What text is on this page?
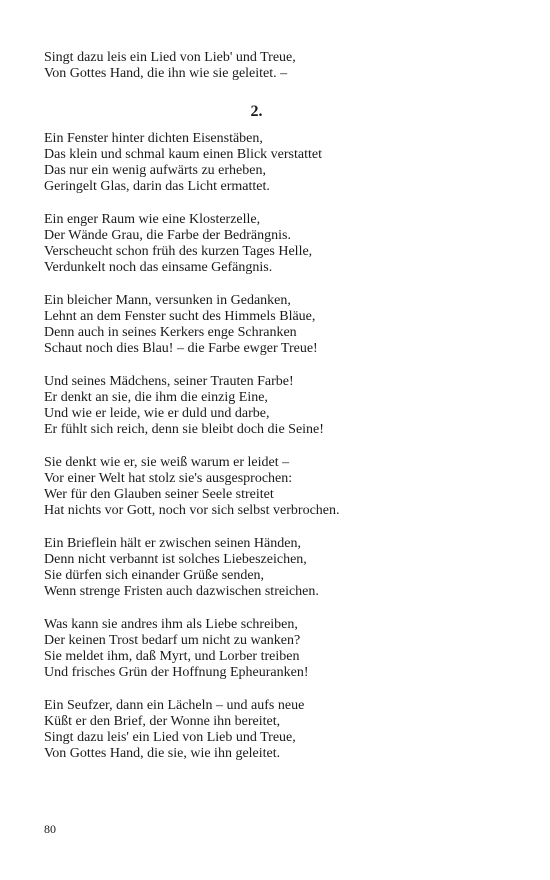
Singt dazu leis ein Lied von Lieb' und Treue,
Von Gottes Hand, die ihn wie sie geleitet. –
2.
Ein Fenster hinter dichten Eisenstäben,
Das klein und schmal kaum einen Blick verstattet
Das nur ein wenig aufwärts zu erheben,
Geringelt Glas, darin das Licht ermattet.
Ein enger Raum wie eine Klosterzelle,
Der Wände Grau, die Farbe der Bedrängnis.
Verscheucht schon früh des kurzen Tages Helle,
Verdunkelt noch das einsame Gefängnis.
Ein bleicher Mann, versunken in Gedanken,
Lehnt an dem Fenster sucht des Himmels Bläue,
Denn auch in seines Kerkers enge Schranken
Schaut noch dies Blau! – die Farbe ewger Treue!
Und seines Mädchens, seiner Trauten Farbe!
Er denkt an sie, die ihm die einzig Eine,
Und wie er leide, wie er duld und darbe,
Er fühlt sich reich, denn sie bleibt doch die Seine!
Sie denkt wie er, sie weiß warum er leidet –
Vor einer Welt hat stolz sie's ausgesprochen:
Wer für den Glauben seiner Seele streitet
Hat nichts vor Gott, noch vor sich selbst verbrochen.
Ein Brieflein hält er zwischen seinen Händen,
Denn nicht verbannt ist solches Liebeszeichen,
Sie dürfen sich einander Grüße senden,
Wenn strenge Fristen auch dazwischen streichen.
Was kann sie andres ihm als Liebe schreiben,
Der keinen Trost bedarf um nicht zu wanken?
Sie meldet ihm, daß Myrt, und Lorber treiben
Und frisches Grün der Hoffnung Epheuranken!
Ein Seufzer, dann ein Lächeln – und aufs neue
Küßt er den Brief, der Wonne ihn bereitet,
Singt dazu leis' ein Lied von Lieb und Treue,
Von Gottes Hand, die sie, wie ihn geleitet.
80
